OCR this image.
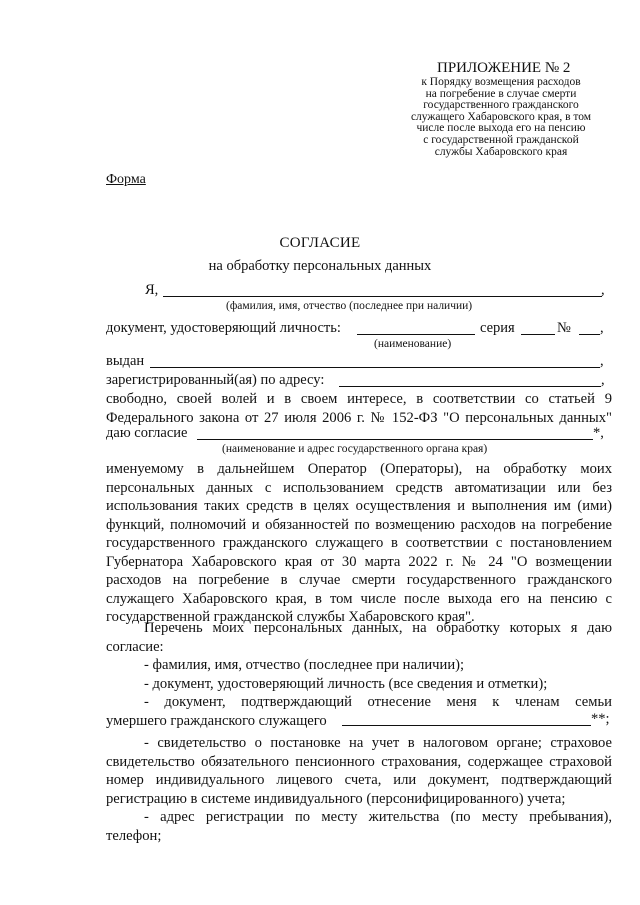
ПРИЛОЖЕНИЕ № 2
к Порядку возмещения расходов
на погребение в случае смерти
государственного гражданского
служащего Хабаровского края, в том
числе после выхода его на пенсию
с государственной гражданской
службы Хабаровского края
Форма
СОГЛАСИЕ
на обработку персональных данных
Я,	,
(фамилия, имя, отчество (последнее при наличии)
документ, удостоверяющий личность:	серия	№ ,
(наименование)
выдан	,
зарегистрированный(ая) по адресу:	,
свободно, своей волей и в своем интересе, в соответствии со статьей 9
Федерального закона от 27 июля 2006 г. № 152-ФЗ "О персональных данных"
даю согласие	*,
(наименование и адрес государственного органа края)
именуемому в дальнейшем Оператор (Операторы), на обработку моих
персональных данных с использованием средств автоматизации или без
использования таких средств в целях осуществления и выполнения им (ими)
функций, полномочий и обязанностей по возмещению расходов на погребение
государственного гражданского служащего в соответствии с постановлением
Губернатора Хабаровского края от 30 марта 2022 г. № 24 "О возмещении
расходов на погребение в случае смерти государственного гражданского
служащего Хабаровского края, в том числе после выхода его на пенсию с
государственной гражданской службы Хабаровского края".
Перечень моих персональных данных, на обработку которых я даю
согласие:
- фамилия, имя, отчество (последнее при наличии);
- документ, удостоверяющий личность (все сведения и отметки);
- документ, подтверждающий отнесение меня к членам семьи
умершего гражданского служащего	**;
- свидетельство о постановке на учет в налоговом органе; страховое
свидетельство обязательного пенсионного страхования, содержащее страховой
номер индивидуального лицевого счета, или документ, подтверждающий
регистрацию в системе индивидуального (персонифицированного) учета;
- адрес регистрации по месту жительства (по месту пребывания),
телефон;
